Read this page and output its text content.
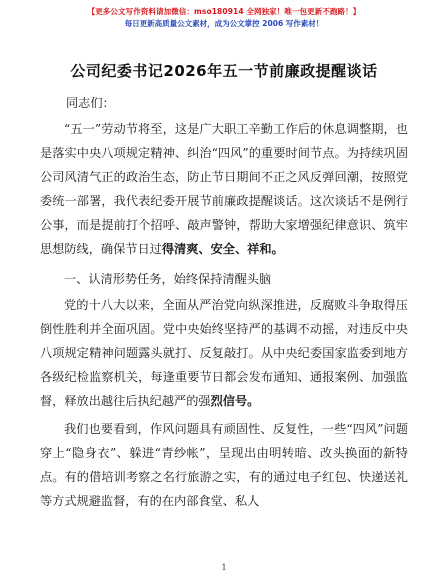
【更多公文写作资料请加微信：mso180914 全网独家！唯一包更新不跑路！】
每日更新高质量公文素材，成为公文掌控 2006 写作素材！
公司纪委书记2026年五一节前廉政提醒谈话
同志们：

“五一”劳动节将至，这是广大职工辛勤工作后的休息调整期，也是落实中央八项规定精神、纠治“四风”的重要时间节点。为持续巩固公司风清气正的政治生态，防止节日期间不正之风反弹回潮，按照党委统一部署，我代表纪委开展节前廉政提醒谈话。这次谈话不是例行公事，而是提前打个招呼、敲声警钟，帮助大家增强纪律意识、筑牢思想防线，确保节日过得清爽、安全、祥和。

一、认清形势任务，始终保持清醒头脑

党的十八大以来，全面从严治党向纵深推进，反腐败斗争取得压倒性胜利并全面巩固。党中央始终坚持严的基调不动摇，对违反中央八项规定精神问题露头就打、反复敲打。从中央纪委国家监委到地方各级纪检监察机关，每逢重要节日都会发布通知、通报案例、加强监督，释放出越往后执纪越严的强烈信号。

我们也要看到，作风问题具有顽固性、反复性，一些“四风”问题穿上“隐身衣”、躲进“青纱帐”，呈现出由明转暗、改头换面的新特点。有的借培训考察之名行旅游之实，有的通过电子红包、快递送礼等方式规避监督，有的在内部食堂、私人

1
